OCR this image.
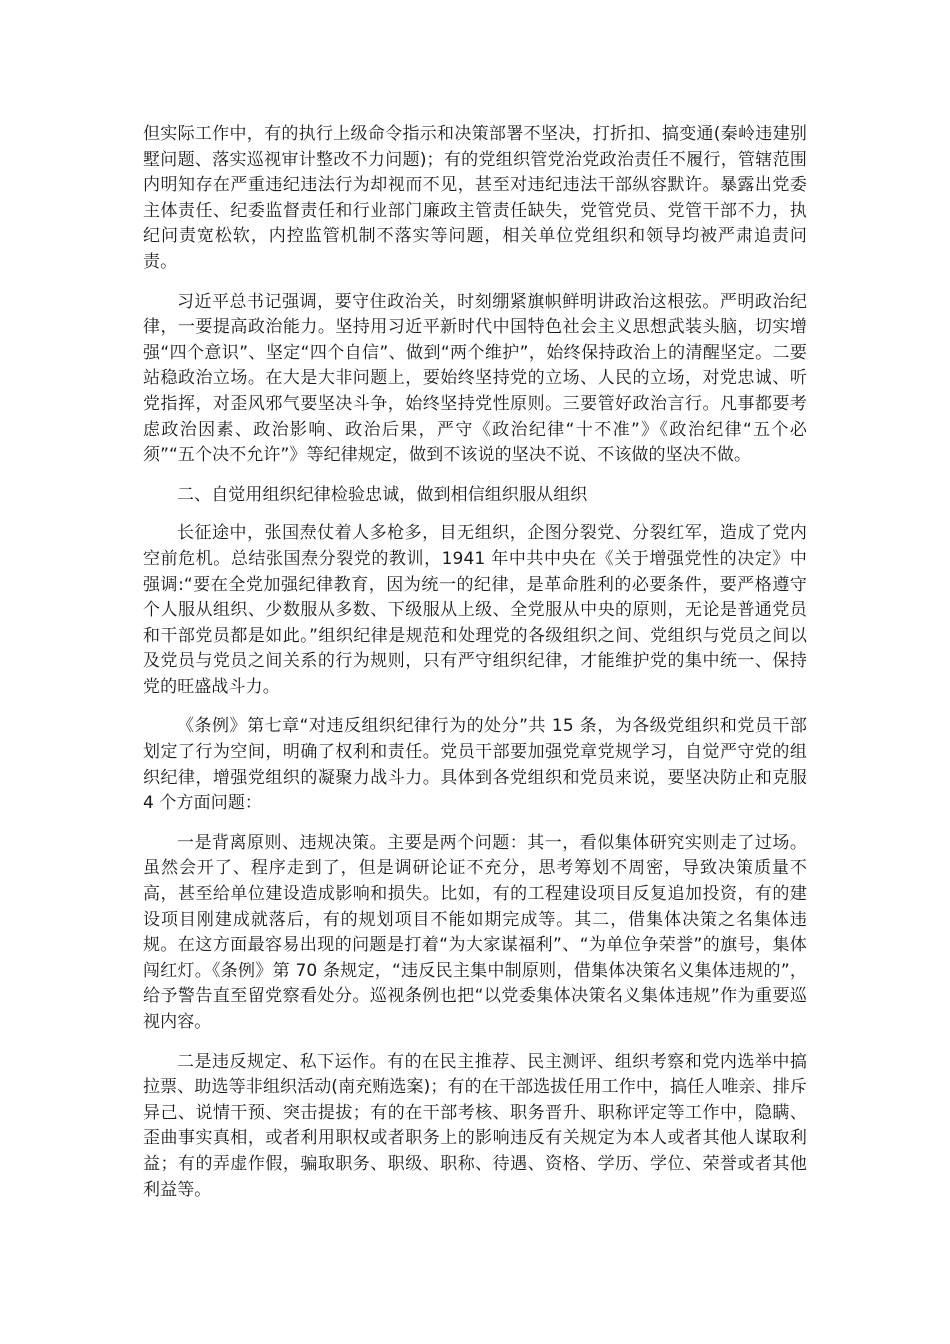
但实际工作中，有的执行上级命令指示和决策部署不坚决，打折扣、搞变通(秦岭违建别墅问题、落实巡视审计整改不力问题)；有的党组织管党治党政治责任不履行，管辖范围内明知存在严重违纪违法行为却视而不见，甚至对违纪违法干部纵容默许。暴露出党委主体责任、纪委监督责任和行业部门廉政主管责任缺失，党管党员、党管干部不力，执纪问责宽松软，内控监管机制不落实等问题，相关单位党组织和领导均被严肃追责问责。

习近平总书记强调，要守住政治关，时刻绷紧旗帜鲜明讲政治这根弦。严明政治纪律，一要提高政治能力。坚持用习近平新时代中国特色社会主义思想武装头脑，切实增强“四个意识”、坚定“四个自信”、做到“两个维护”，始终保持政治上的清醒坚定。二要站稳政治立场。在大是大非问题上，要始终坚持党的立场、人民的立场，对党忠诚、听党指挥，对歪风邪气要坚决斗争，始终坚持党性原则。三要管好政治言行。凡事都要考虑政治因素、政治影响、政治后果，严守《政治纪律“十不准”》《政治纪律“五个必须”“五个决不允许”》等纪律规定，做到不该说的坚决不说、不该做的坚决不做。

二、自觉用组织纪律检验忠诚，做到相信组织服从组织

长征途中，张国焘仗着人多枪多，目无组织，企图分裂党、分裂红军，造成了党内空前危机。总结张国焘分裂党的教训，1941 年中共中央在《关于增强党性的决定》中强调:“要在全党加强纪律教育，因为统一的纪律，是革命胜利的必要条件，要严格遵守个人服从组织、少数服从多数、下级服从上级、全党服从中央的原则，无论是普通党员和干部党员都是如此。”组织纪律是规范和处理党的各级组织之间、党组织与党员之间以及党员与党员之间关系的行为规则，只有严守组织纪律，才能维护党的集中统一、保持党的旺盛战斗力。

《条例》第七章“对违反组织纪律行为的处分”共 15 条，为各级党组织和党员干部划定了行为空间，明确了权利和责任。党员干部要加强党章党规学习，自觉严守党的组织纪律，增强党组织的凝聚力战斗力。具体到各党组织和党员来说，要坚决防止和克服 4 个方面问题：

一是背离原则、违规决策。主要是两个问题：其一，看似集体研究实则走了过场。虽然会开了、程序走到了，但是调研论证不充分，思考筹划不周密，导致决策质量不高，甚至给单位建设造成影响和损失。比如，有的工程建设项目反复追加投资，有的建设项目刚建成就落后，有的规划项目不能如期完成等。其二，借集体决策之名集体违规。在这方面最容易出现的问题是打着“为大家谋福利”、“为单位争荣誉”的旗号，集体闯红灯。《条例》第 70 条规定，“违反民主集中制原则，借集体决策名义集体违规的”，给予警告直至留党察看处分。巡视条例也把“以党委集体决策名义集体违规”作为重要巡视内容。

二是违反规定、私下运作。有的在民主推荐、民主测评、组织考察和党内选举中搞拉票、助选等非组织活动(南充贿选案)；有的在干部选拔任用工作中，搞任人唯亲、排斥异己、说情干预、突击提拔；有的在干部考核、职务晋升、职称评定等工作中，隐瞒、歪曲事实真相，或者利用职权或者职务上的影响违反有关规定为本人或者其他人谋取利益；有的弄虚作假，骗取职务、职级、职称、待遇、资格、学历、学位、荣誉或者其他利益等。
